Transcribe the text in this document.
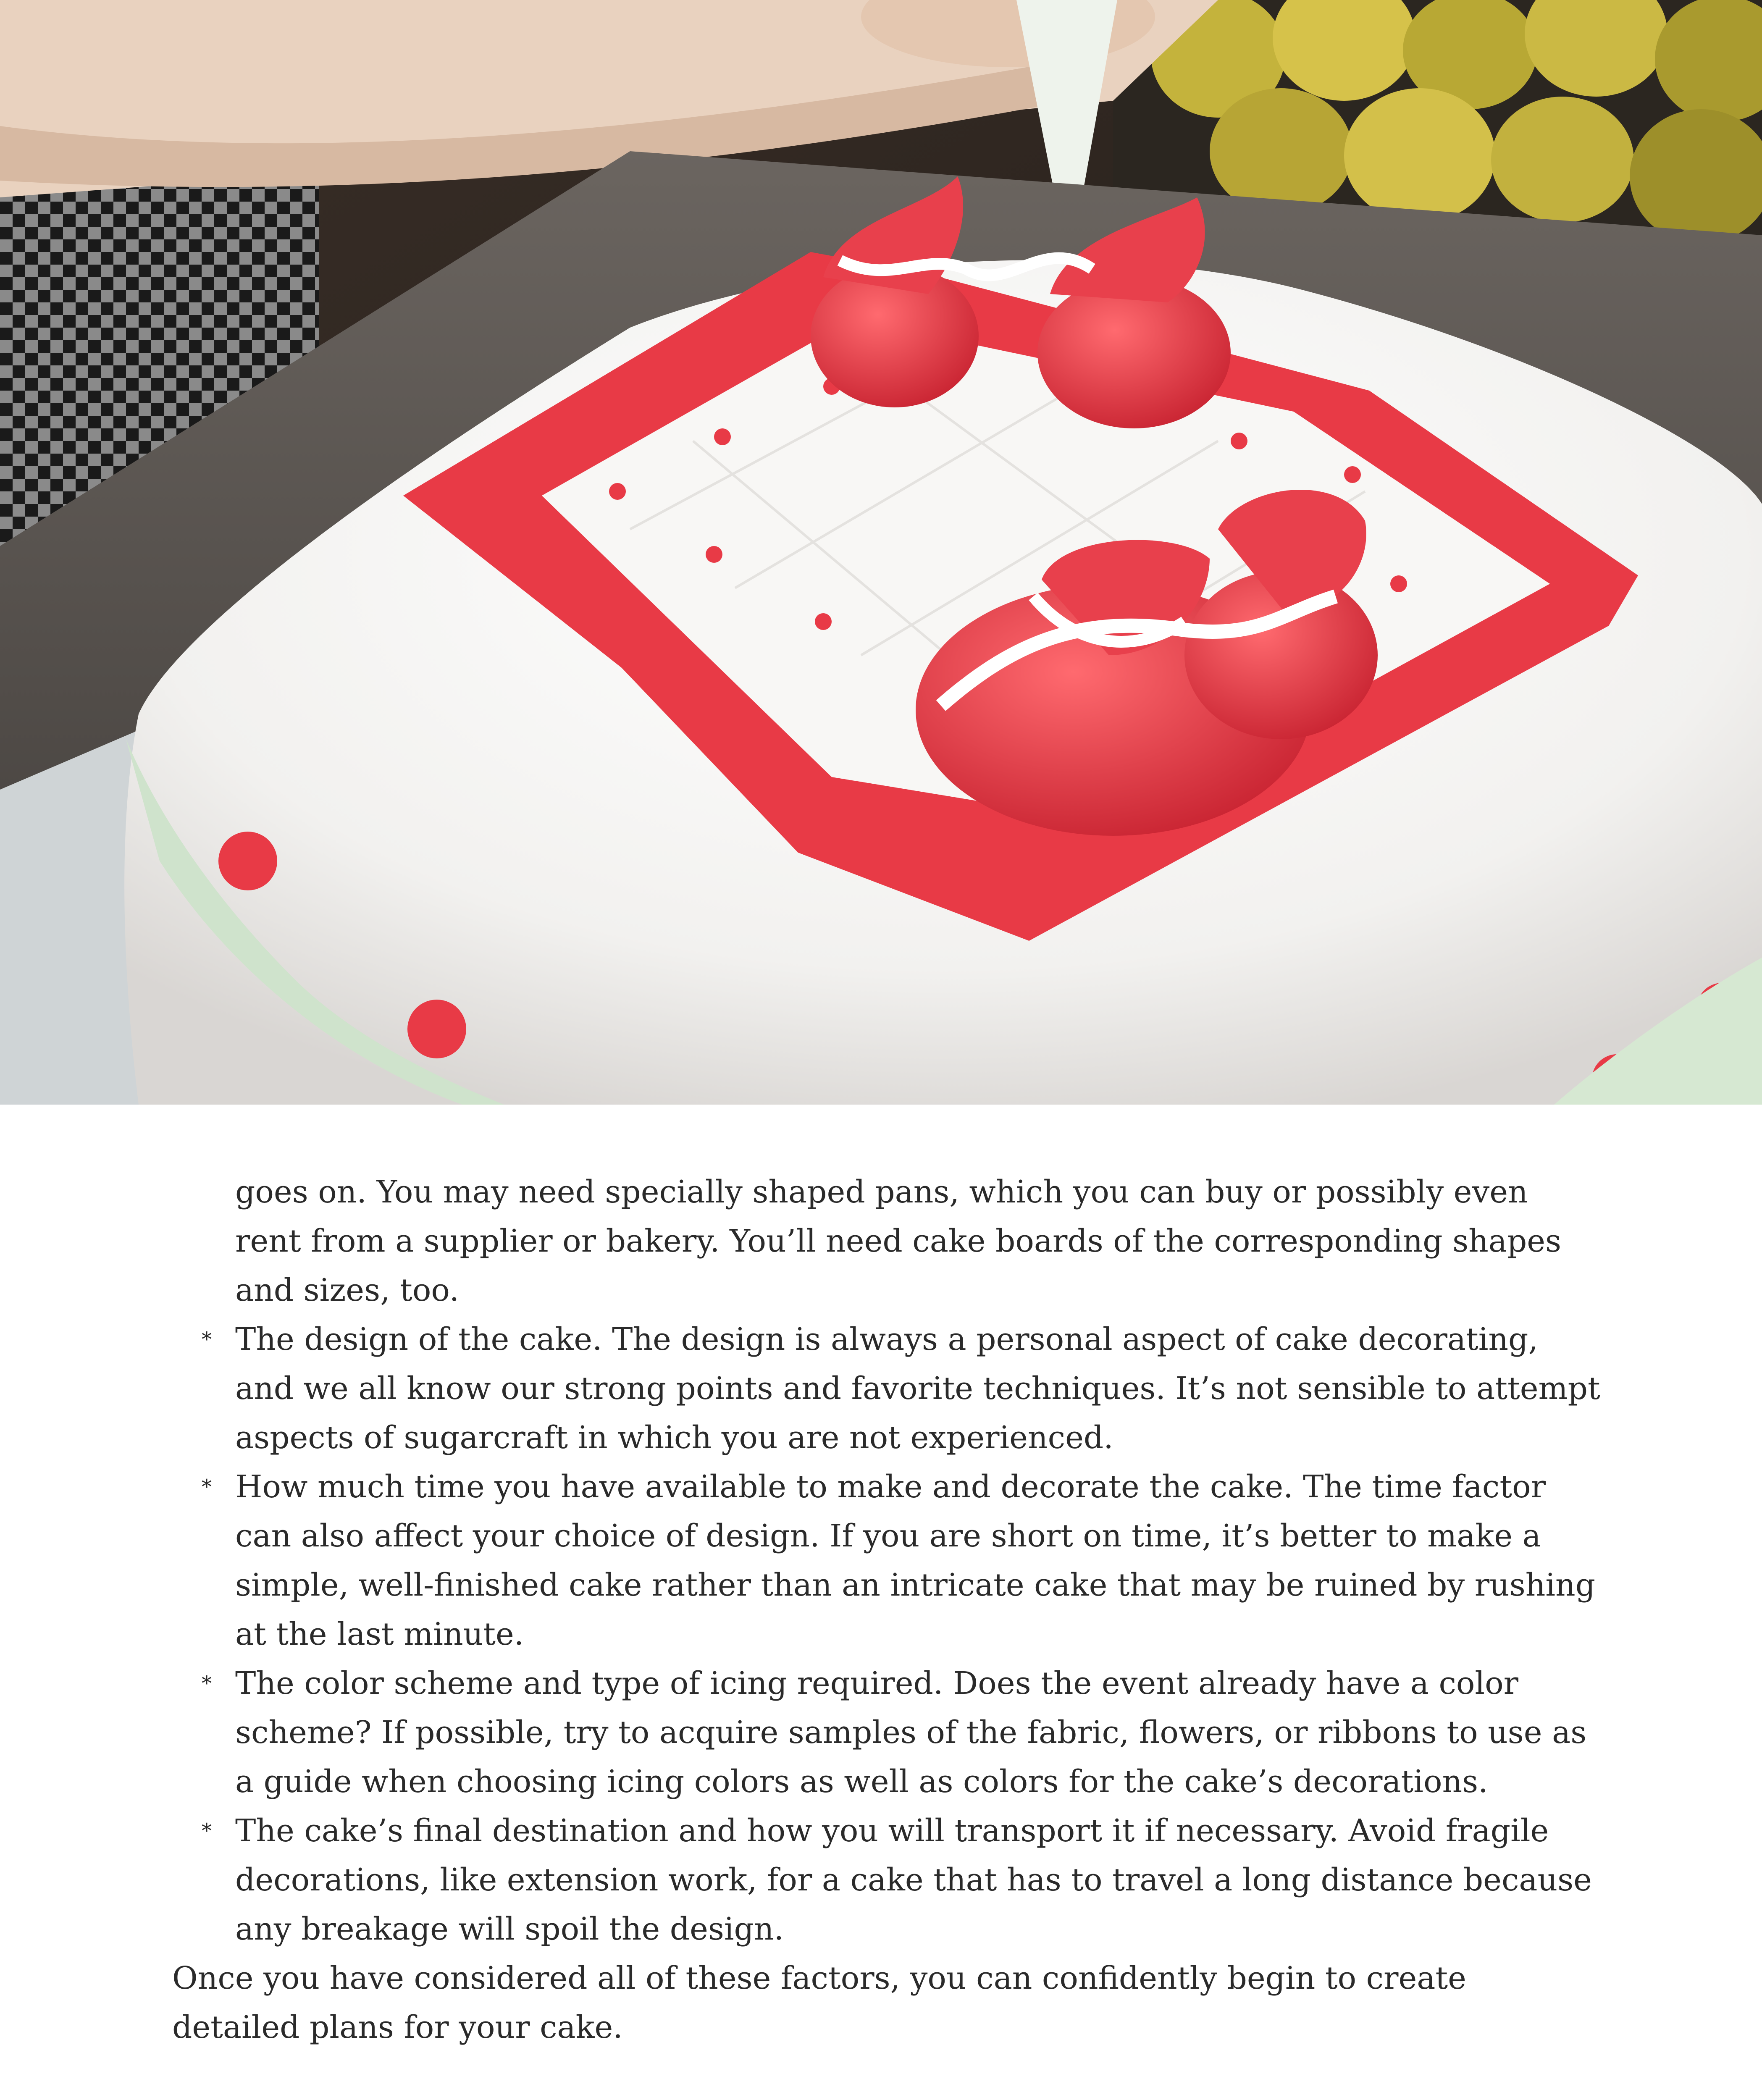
goes on. You may need specially shaped pans, which you can buy or possibly even rent from a supplier or bakery. You’ll need cake boards of the corresponding shapes and sizes, too.

* The design of the cake. The design is always a personal aspect of cake decorating, and we all know our strong points and favorite techniques. It’s not sensible to attempt aspects of sugarcraft in which you are not experienced.
* How much time you have available to make and decorate the cake. The time factor can also affect your choice of design. If you are short on time, it’s better to make a simple, well-finished cake rather than an intricate cake that may be ruined by rushing at the last minute.
* The color scheme and type of icing required. Does the event already have a color scheme? If possible, try to acquire samples of the fabric, flowers, or ribbons to use as a guide when choosing icing colors as well as colors for the cake’s decorations.
* The cake’s final destination and how you will transport it if necessary. Avoid fragile decorations, like extension work, for a cake that has to travel a long distance because any breakage will spoil the design.

Once you have considered all of these factors, you can confidently begin to create detailed plans for your cake.
